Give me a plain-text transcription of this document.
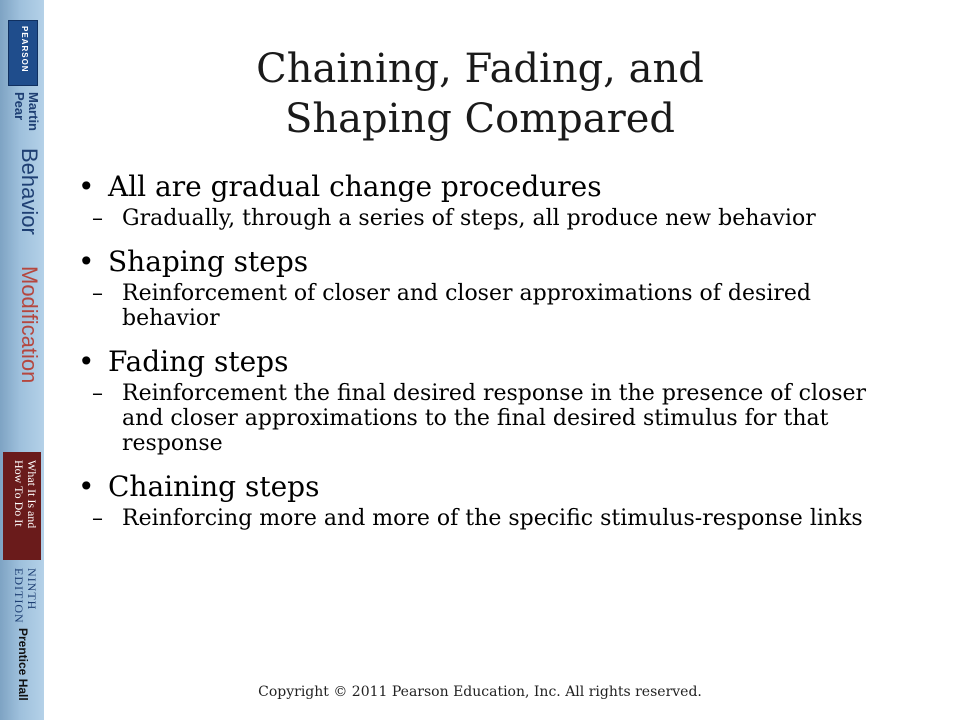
PEARSON
Martin
Pear
Behavior
Modification
What It Is and
How To Do It
NINTH
EDITION
Prentice Hall
Chaining, Fading, and
Shaping Compared
• All are gradual change procedures
– Gradually, through a series of steps, all produce new behavior
• Shaping steps
– Reinforcement of closer and closer approximations of desired behavior
• Fading steps
– Reinforcement the final desired response in the presence of closer and closer approximations to the final desired stimulus for that response
• Chaining steps
– Reinforcing more and more of the specific stimulus-response links
Copyright © 2011 Pearson Education, Inc. All rights reserved.
